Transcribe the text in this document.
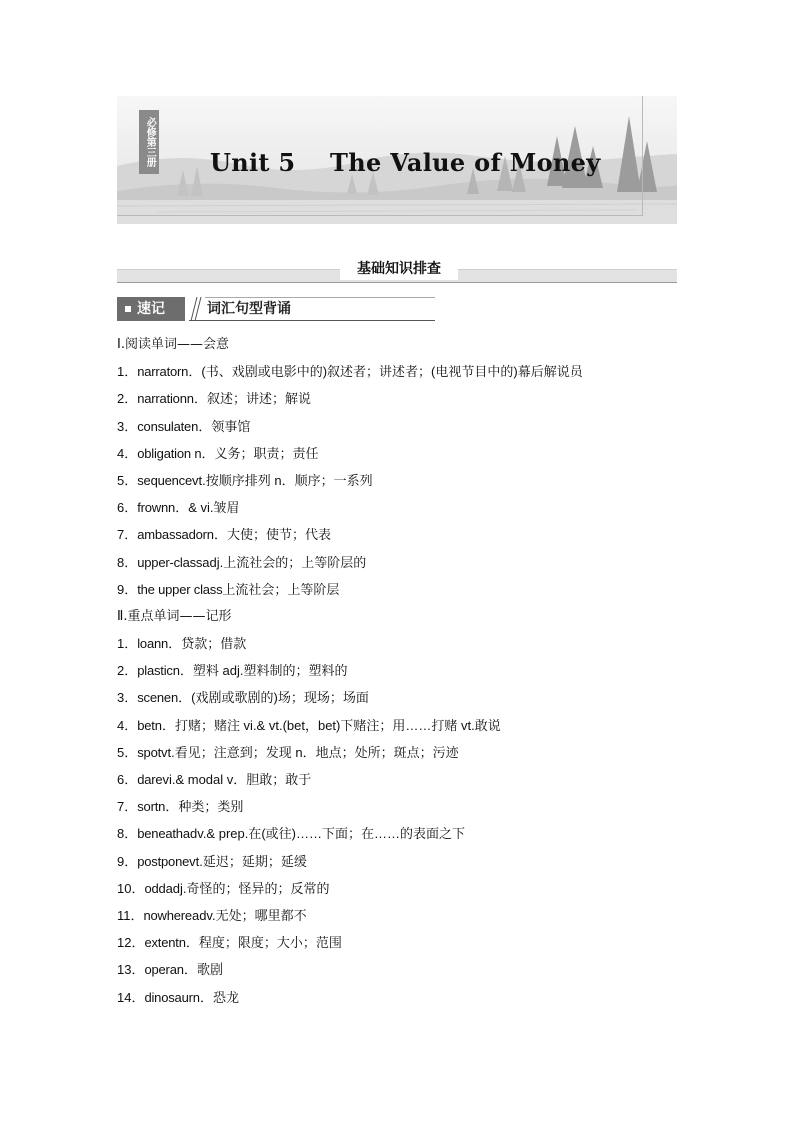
必修第三册 Unit 5    The Value of Money
基础知识排查
速记	词汇句型背诵
Ⅰ.阅读单词——会意
1．narratorn．(书、戏剧或电影中的)叙述者；讲述者；(电视节目中的)幕后解说员
2．narrationn．叙述；讲述；解说
3．consulaten．领事馆
4．obligation n．义务；职责；责任
5．sequencevt.按顺序排列 n．顺序；一系列
6．frownn．& vi.皱眉
7．ambassadorn．大使；使节；代表
8．upper-classadj.上流社会的；上等阶层的
9．the upper class上流社会；上等阶层
Ⅱ.重点单词——记形
1．loann．贷款；借款
2．plasticn．塑料 adj.塑料制的；塑料的
3．scenen．(戏剧或歌剧的)场；现场；场面
4．betn．打赌；赌注 vi.& vt.(bet，bet)下赌注；用……打赌 vt.敢说
5．spotvt.看见；注意到；发现 n．地点；处所；斑点；污迹
6．darevi.& modal v．胆敢；敢于
7．sortn．种类；类别
8．beneathadv.& prep.在(或往)……下面；在……的表面之下
9．postponevt.延迟；延期；延缓
10．oddadj.奇怪的；怪异的；反常的
11．nowhereadv.无处；哪里都不
12．extentn．程度；限度；大小；范围
13．operan．歌剧
14．dinosaurn．恐龙
